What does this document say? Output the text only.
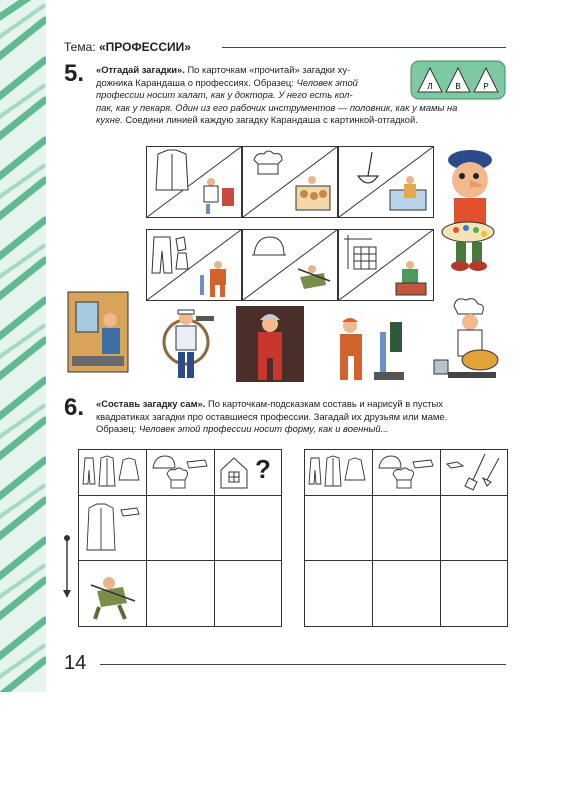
Тема: «ПРОФЕССИИ»
5. «Отгадай загадки». По карточкам «прочитай» загадки ху-
дожника Карандаша о профессиях. Образец: Человек этой
профессии носит халат, как у доктора. У него есть кол-
пак, как у пекаря. Один из его рабочих инструментов — половник, как у мамы на
кухне. Соедини линией каждую загадку Карандаша с картинкой-отгадкой.
Л	В	Р
6. «Составь загадку сам». По карточкам-подсказкам составь и нарисуй в пустых
квадратиках загадки про оставшиеся профессии. Загадай их друзьям или маме.
Образец: Человек этой профессии носит форму, как и военный...
?
14
